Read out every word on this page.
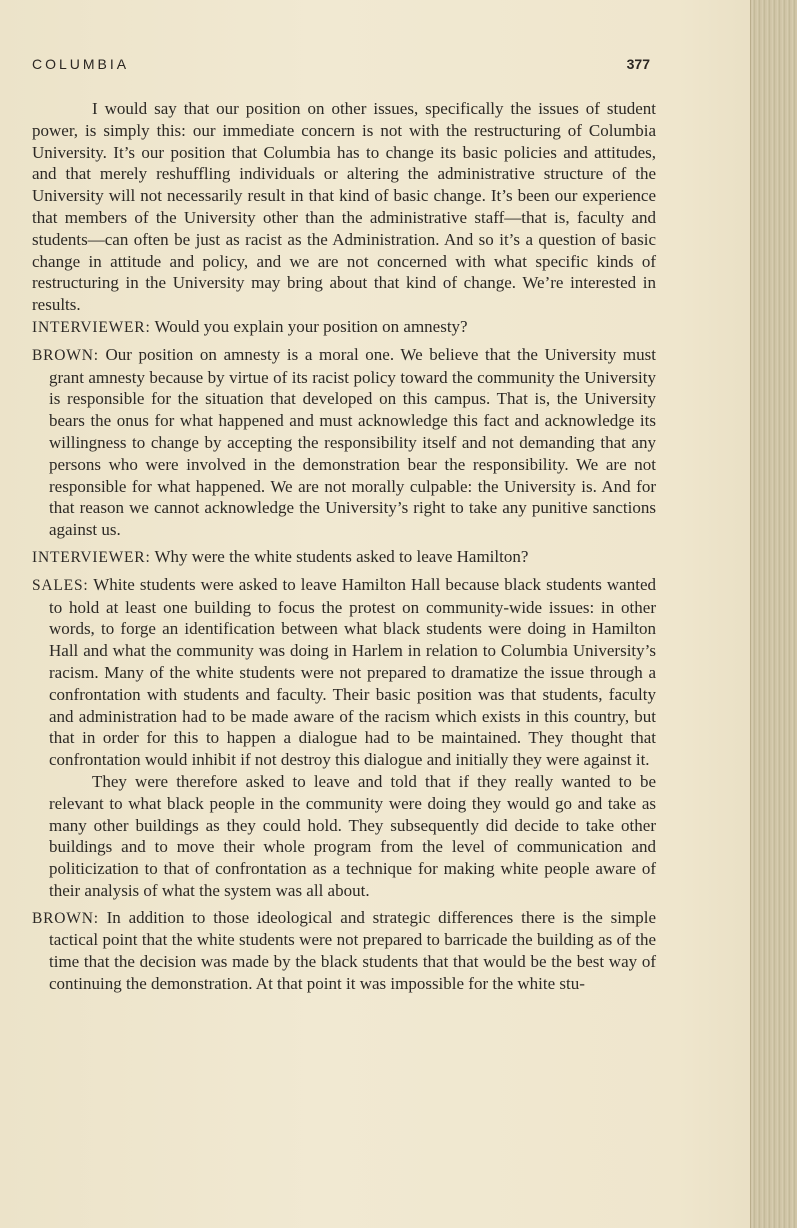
COLUMBIA	377

I would say that our position on other issues, specifically the issues of student power, is simply this: our immediate concern is not with the restructuring of Columbia University. It’s our position that Columbia has to change its basic policies and attitudes, and that merely reshuffling individuals or altering the administrative structure of the University will not necessarily result in that kind of basic change. It’s been our experience that members of the University other than the administrative staff—that is, faculty and students—can often be just as racist as the Administration. And so it’s a question of basic change in attitude and policy, and we are not concerned with what specific kinds of restructuring in the University may bring about that kind of change. We’re interested in results.

INTERVIEWER: Would you explain your position on amnesty?

BROWN: Our position on amnesty is a moral one. We believe that the University must grant amnesty because by virtue of its racist policy toward the community the University is responsible for the situation that developed on this campus. That is, the University bears the onus for what happened and must acknowledge this fact and acknowledge its willingness to change by accepting the responsibility itself and not demanding that any persons who were involved in the demonstration bear the responsibility. We are not responsible for what happened. We are not morally culpable: the University is. And for that reason we cannot acknowledge the University’s right to take any punitive sanctions against us.

INTERVIEWER: Why were the white students asked to leave Hamilton?

SALES: White students were asked to leave Hamilton Hall because black students wanted to hold at least one building to focus the protest on community-wide issues: in other words, to forge an identification between what black students were doing in Hamilton Hall and what the community was doing in Harlem in relation to Columbia University’s racism. Many of the white students were not prepared to dramatize the issue through a confrontation with students and faculty. Their basic position was that students, faculty and administration had to be made aware of the racism which exists in this country, but that in order for this to happen a dialogue had to be maintained. They thought that confrontation would inhibit if not destroy this dialogue and initially they were against it.

They were therefore asked to leave and told that if they really wanted to be relevant to what black people in the community were doing they would go and take as many other buildings as they could hold. They subsequently did decide to take other buildings and to move their whole program from the level of communication and politicization to that of confrontation as a technique for making white people aware of their analysis of what the system was all about.

BROWN: In addition to those ideological and strategic differences there is the simple tactical point that the white students were not prepared to barricade the building as of the time that the decision was made by the black students that that would be the best way of continuing the demonstration. At that point it was impossible for the white stu-
